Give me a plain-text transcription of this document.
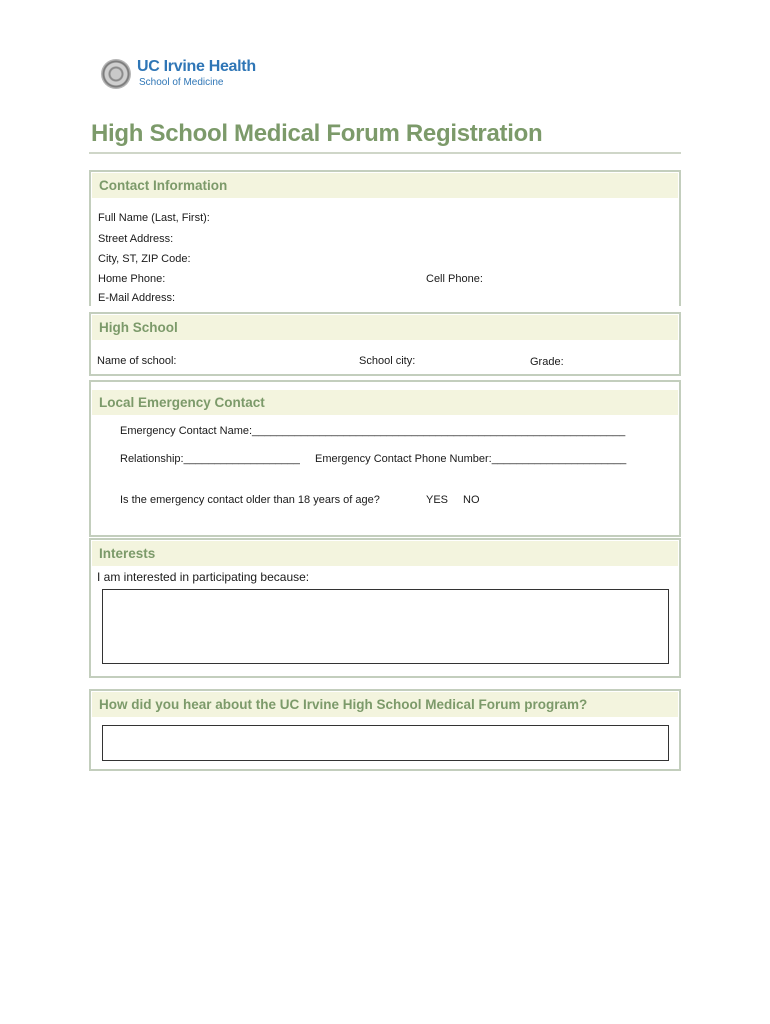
UC Irvine Health
School of Medicine
High School Medical Forum Registration
Contact Information
Full Name (Last, First):
Street Address:
City, ST, ZIP Code:
Home Phone:	Cell Phone:
E-Mail Address:
High School
Name of school:	School city:	Grade:
Local Emergency Contact
Emergency Contact Name:_____________________________________________________________
Relationship:___________________ Emergency Contact Phone Number:______________________
Is the emergency contact older than 18 years of age?	YES NO
Interests
I am interested in participating because:
How did you hear about the UC Irvine High School Medical Forum program?
